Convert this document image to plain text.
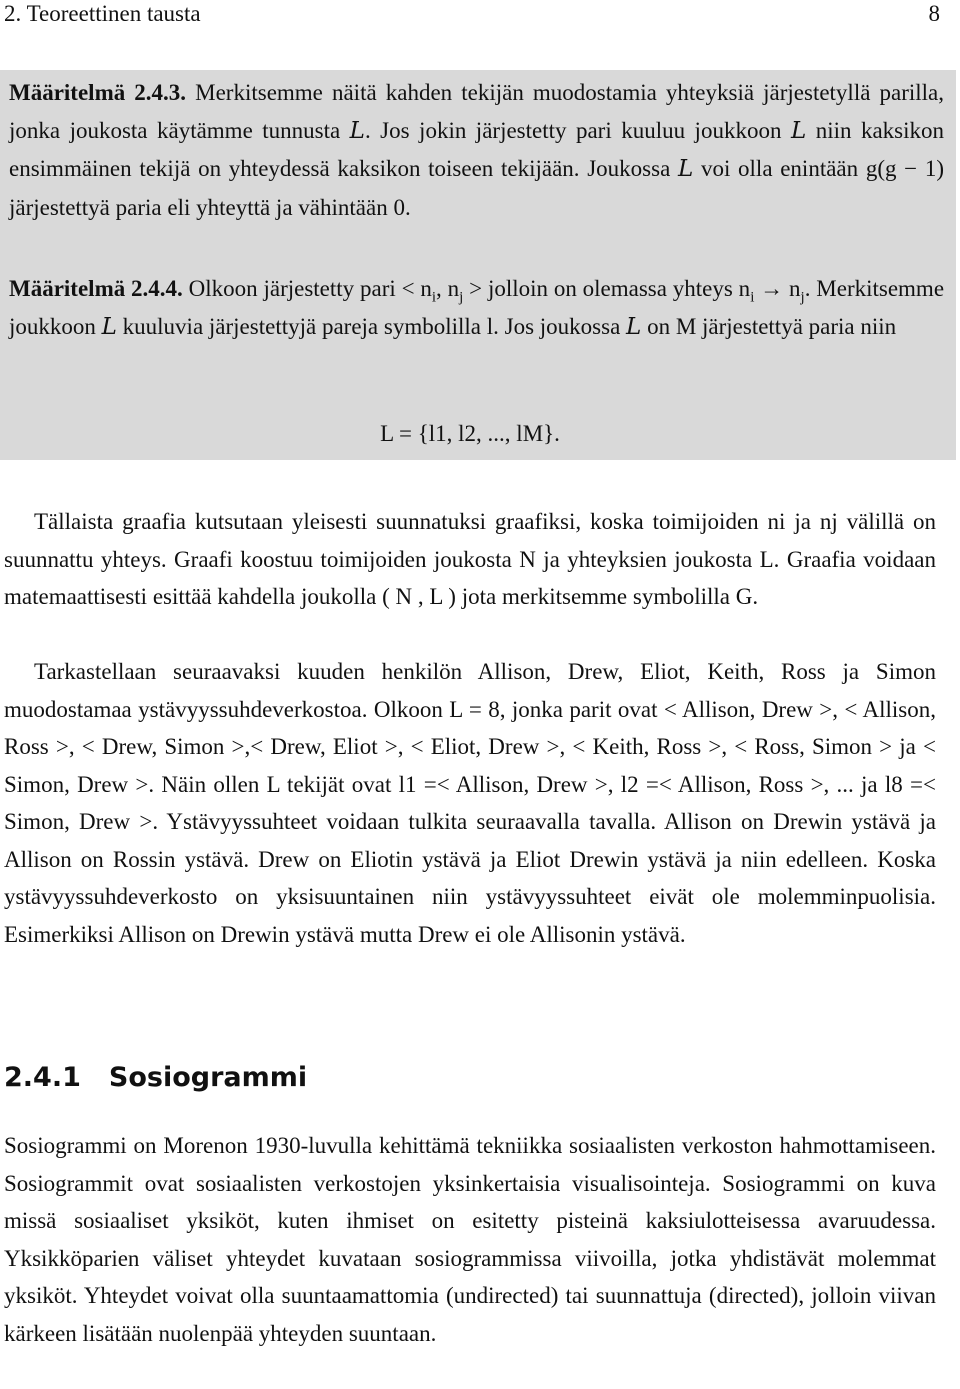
2. Teoreettinen tausta	8

Määritelmä 2.4.3. Merkitsemme näitä kahden tekijän muodostamia yhteyksiä järjestetyllä parilla, jonka joukosta käytämme tunnusta L. Jos jokin järjestetty pari kuuluu joukkoon L niin kaksikon ensimmäinen tekijä on yhteydessä kaksikon toiseen tekijään. Joukossa L voi olla enintään g(g − 1) järjestettyä paria eli yhteyttä ja vähintään 0.

Määritelmä 2.4.4. Olkoon järjestetty pari < $n_i$, $n_j$ > jolloin on olemassa yhteys $n_i \to n_j$. Merkitsemme joukkoon L kuuluvia järjestettyjä pareja symbolilla l. Jos joukossa L on M järjestettyä paria niin

L = {l1, l2, ..., lM}.

Tällaista graafia kutsutaan yleisesti suunnatuksi graafiksi, koska toimijoiden ni ja nj välillä on suunnattu yhteys. Graafi koostuu toimijoiden joukosta N ja yhteyksien joukosta L. Graafia voidaan matemaattisesti esittää kahdella joukolla ( N , L ) jota merkitsemme symbolilla G.

Tarkastellaan seuraavaksi kuuden henkilön Allison, Drew, Eliot, Keith, Ross ja Simon muodostamaa ystävyyssuhdeverkostoa. Olkoon L = 8, jonka parit ovat < Allison, Drew >, < Allison, Ross >, < Drew, Simon >,< Drew, Eliot >, < Eliot, Drew >, < Keith, Ross >, < Ross, Simon > ja < Simon, Drew >. Näin ollen L tekijät ovat l1 =< Allison, Drew >, l2 =< Allison, Ross >, ... ja l8 =< Simon, Drew >. Ystävyyssuhteet voidaan tulkita seuraavalla tavalla. Allison on Drewin ystävä ja Allison on Rossin ystävä. Drew on Eliotin ystävä ja Eliot Drewin ystävä ja niin edelleen. Koska ystävyyssuhdeverkosto on yksisuuntainen niin ystävyyssuhteet eivät ole molemminpuolisia. Esimerkiksi Allison on Drewin ystävä mutta Drew ei ole Allisonin ystävä.

2.4.1 Sosiogrammi

Sosiogrammi on Morenon 1930-luvulla kehittämä tekniikka sosiaalisten verkoston hahmottamiseen. Sosiogrammit ovat sosiaalisten verkostojen yksinkertaisia visualisointeja. Sosiogrammi on kuva missä sosiaaliset yksiköt, kuten ihmiset on esitetty pisteinä kaksiulotteisessa avaruudessa. Yksikköparien väliset yhteydet kuvataan sosiogrammissa viivoilla, jotka yhdistävät molemmat yksiköt. Yhteydet voivat olla suuntaamattomia (undirected) tai suunnattuja (directed), jolloin viivan kärkeen lisätään nuolenpää yhteyden suuntaan.
